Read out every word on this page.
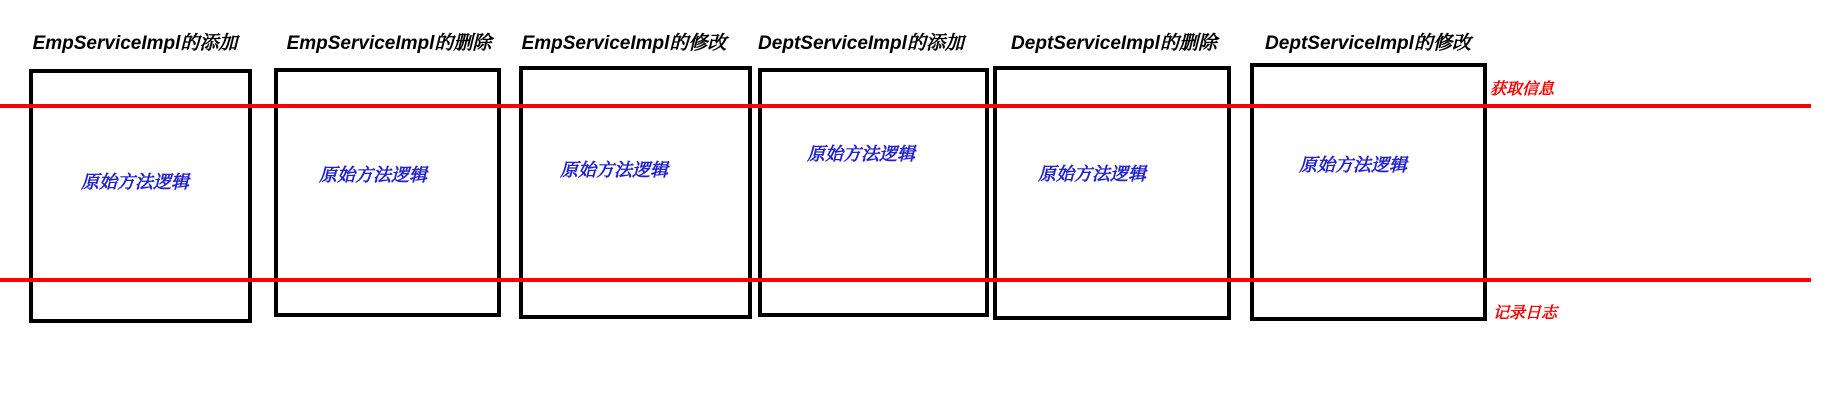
EmpServiceImpl的添加	EmpServiceImpl的删除 EmpServiceImpl的修改 DeptServiceImpl的添加 DeptServiceImpl的删除	DeptServiceImpl的修改
原始方法逻辑	原始方法逻辑	原始方法逻辑
原始方法逻辑
原始方法逻辑	原始方法逻辑
获取信息
记录日志
